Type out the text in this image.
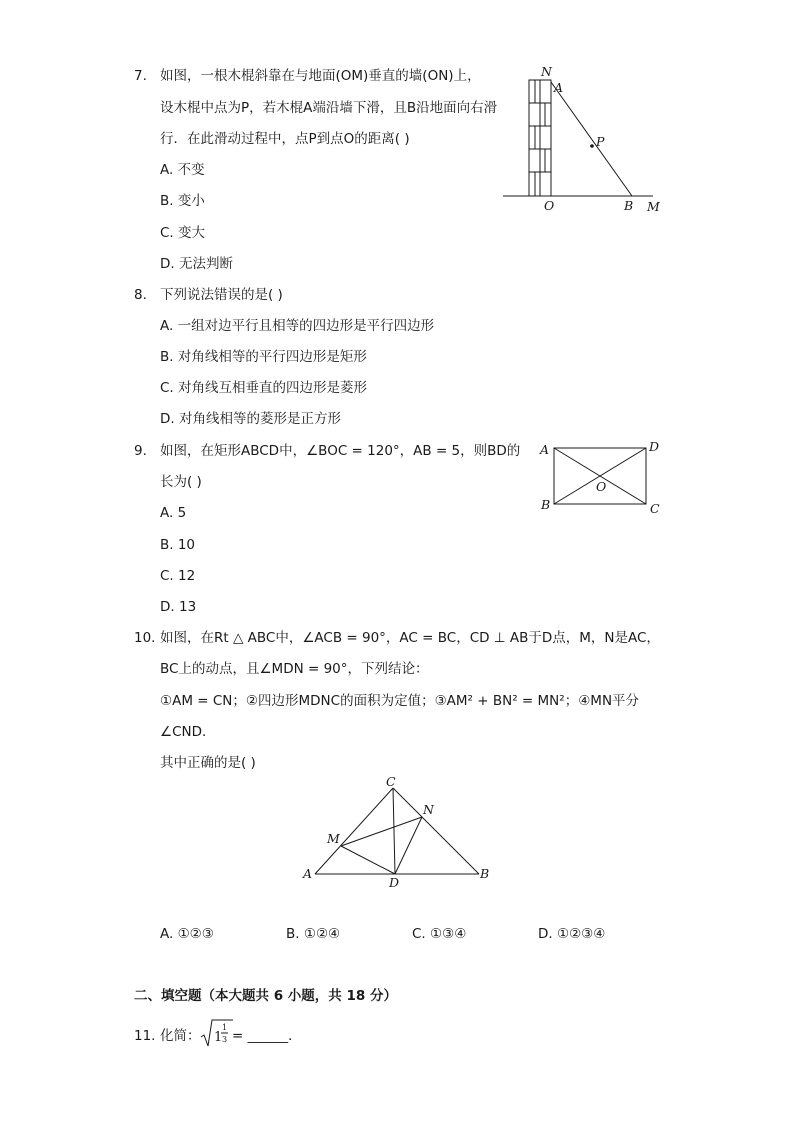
7. 如图，一根木棍斜靠在与地面(OM)垂直的墙(ON)上，
设木棍中点为P，若木棍A端沿墙下滑，且B沿地面向右滑
行．在此滑动过程中，点P到点O的距离( )
A. 不变
B. 变小
C. 变大
D. 无法判断
N
A
P
O	B M
8. 下列说法错误的是( )
A. 一组对边平行且相等的四边形是平行四边形
B. 对角线相等的平行四边形是矩形
C. 对角线互相垂直的四边形是菱形
D. 对角线相等的菱形是正方形
9. 如图，在矩形ABCD中，∠BOC = 120°，AB = 5，则BD的
长为( )
A. 5
B. 10
C. 12
D. 13
A	D
O
B	C
10. 如图，在Rt △ ABC中，∠ACB = 90°，AC = BC，CD ⊥ AB于D点，M，N是AC，
BC上的动点，且∠MDN = 90°，下列结论：
①AM = CN；②四边形MDNC的面积为定值；③AM² + BN² = MN²；④MN平分
∠CND．
其中正确的是( )
C
N
M
A
D
B
A. ①②③	B. ①②④	C. ①③④	D. ①②③④
二、填空题（本大题共 6 小题，共 18 分）
11. 化简： 1
1
3 = ______．
